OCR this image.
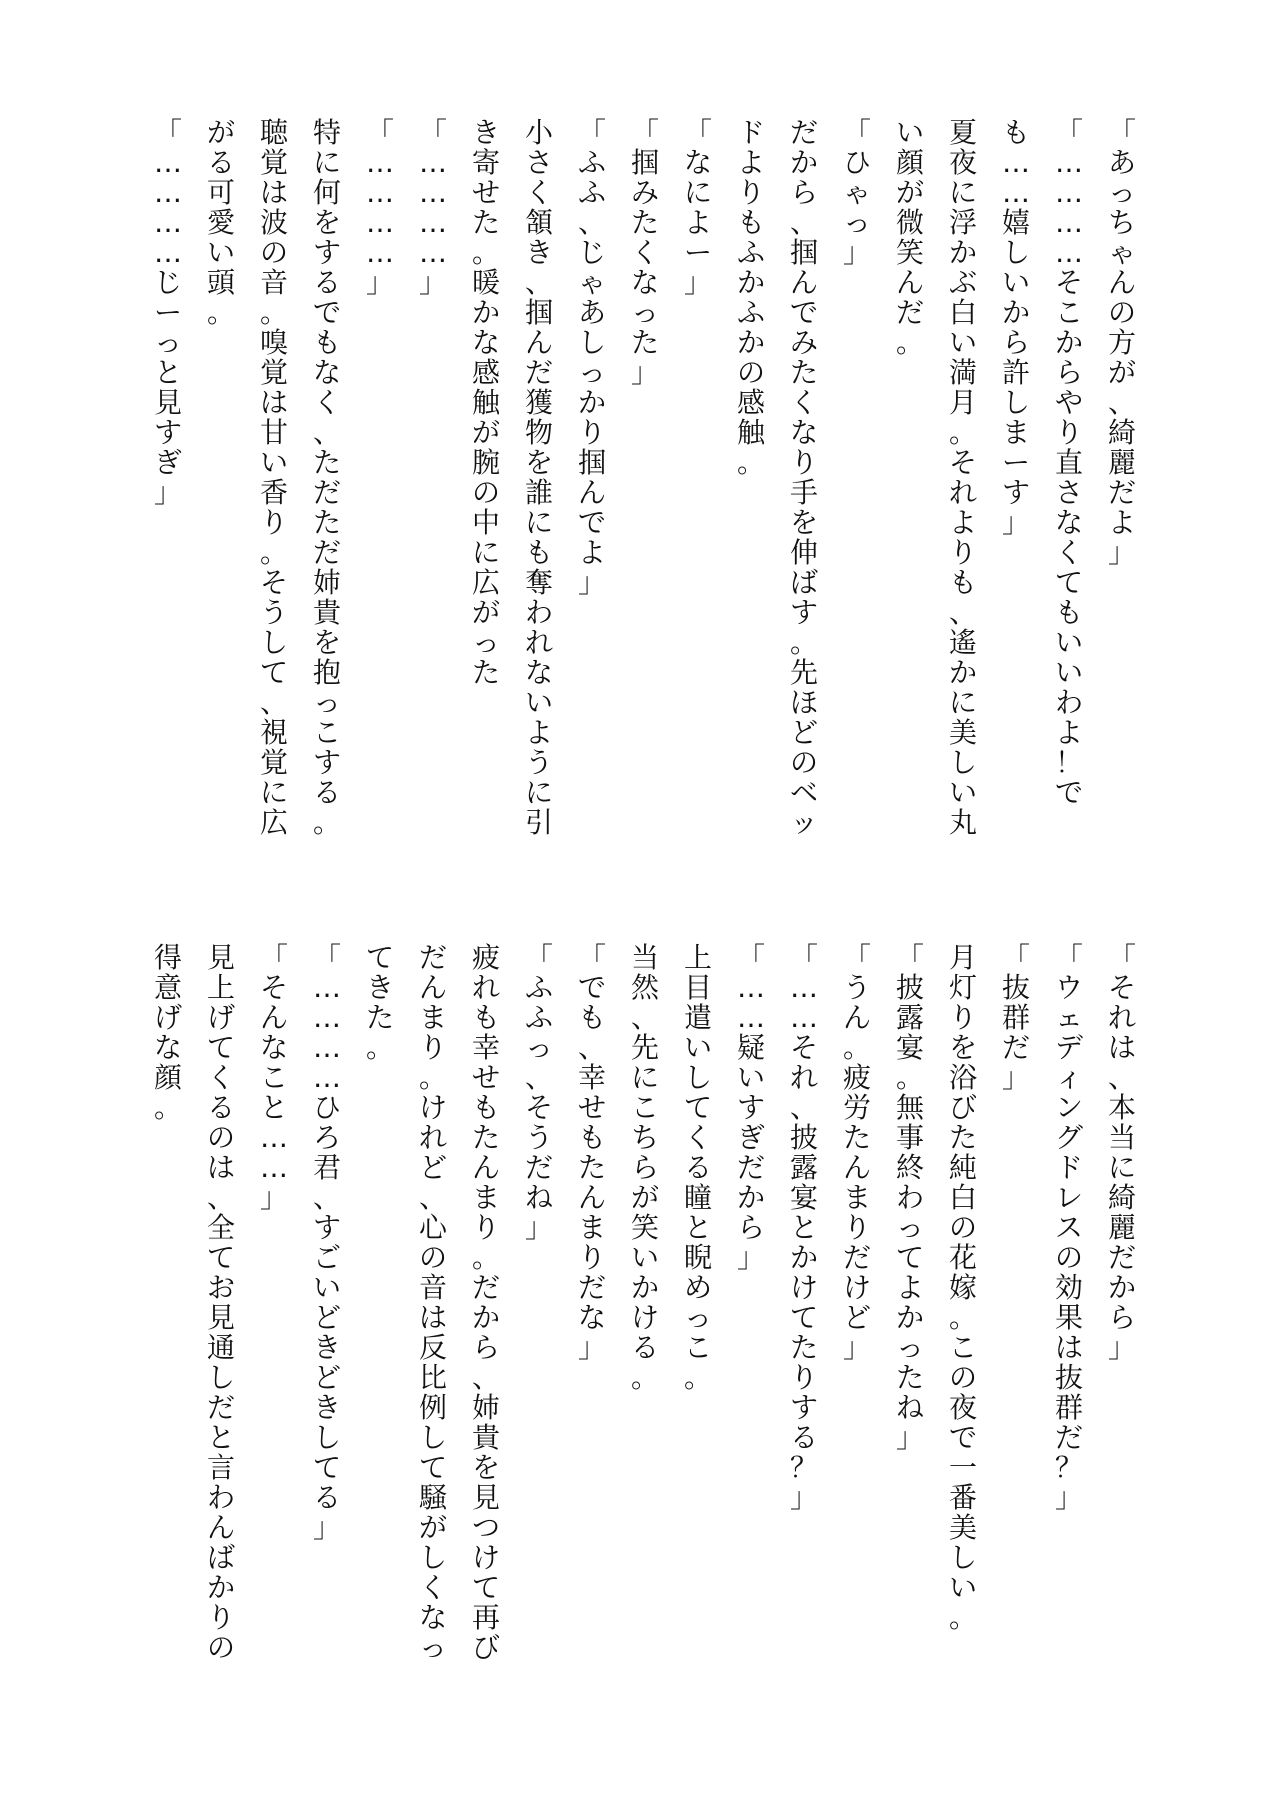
「あっちゃんの方が、綺麗だよ」
「…………そこからやり直さなくてもいいわよ！　で
も……嬉しいから許しまーす」
夏夜に浮かぶ白い満月。それよりも、遙かに美しい丸
い顔が微笑んだ。
「ひゃっ」
だから、掴んでみたくなり手を伸ばす。先ほどのベッ
ドよりもふかふかの感触。
「なによー」
「掴みたくなった」
「ふふ、じゃあしっかり掴んでよ」
小さく頷き、掴んだ獲物を誰にも奪われないように引
き寄せた。暖かな感触が腕の中に広がった
「…………」
「…………」
特に何をするでもなく、ただただ姉貴を抱っこする。
聴覚は波の音。嗅覚は甘い香り。そうして、視覚に広
がる可愛い頭。
「…………じーっと見すぎ」
「それは、本当に綺麗だから」
「ウェディングドレスの効果は抜群だ？」
「抜群だ」
月灯りを浴びた純白の花嫁。この夜で一番美しい。
「披露宴。無事終わってよかったね」
「うん。疲労たんまりだけど」
「……それ、披露宴とかけてたりする？」
「……疑いすぎだから」
上目遣いしてくる瞳と睨めっこ。
当然、先にこちらが笑いかける。
「でも、幸せもたんまりだな」
「ふふっ、そうだね」
疲れも幸せもたんまり。だから、姉貴を見つけて再び
だんまり。けれど、心の音は反比例して騒がしくなっ
てきた。
「…………ひろ君、すごいどきどきしてる」
「そんなこと……」
見上げてくるのは、全てお見通しだと言わんばかりの
得意げな顔。
